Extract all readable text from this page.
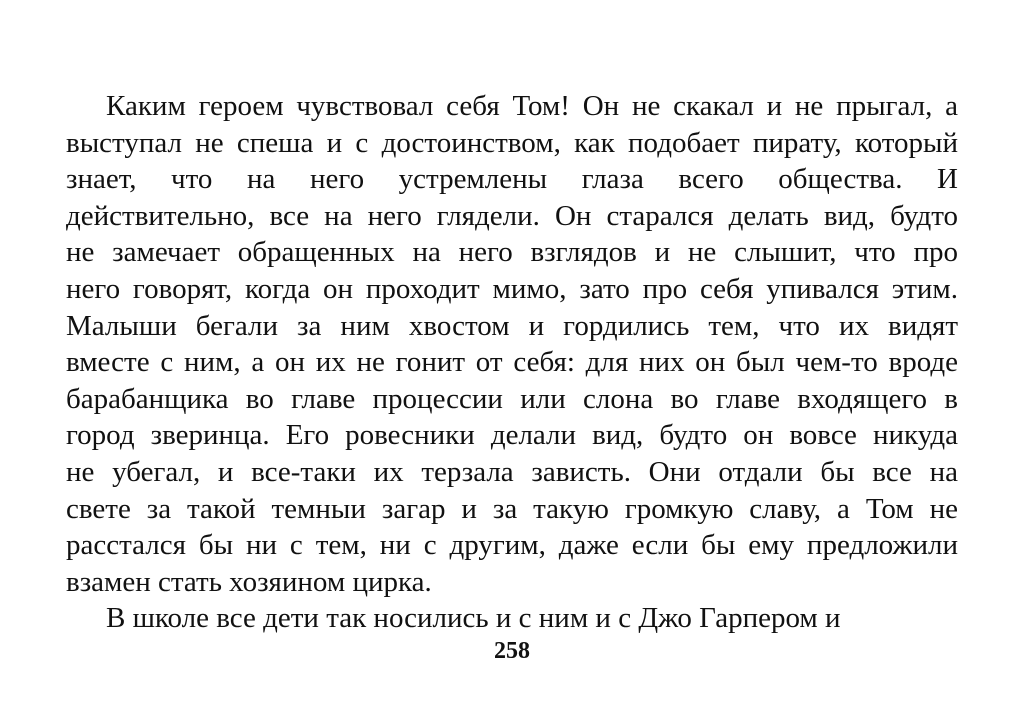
Каким героем чувствовал себя Том! Он не скакал и не прыгал, а
выступал не спеша и с достоинством, как подобает пирату, который
знает, что на него устремлены глаза всего общества. И
действительно, все на него глядели. Он старался делать вид, будто
не замечает обращенных на него взглядов и не слышит, что про
него говорят, когда он проходит мимо, зато про себя упивался этим.
Малыши бегали за ним хвостом и гордились тем, что их видят
вместе с ним, а он их не гонит от себя: для них он был чем-то вроде
барабанщика во главе процессии или слона во главе входящего в
город зверинца. Его ровесники делали вид, будто он вовсе никуда
не убегал, и все-таки их терзала зависть. Они отдали бы все на
свете за такой темныи загар и за такую громкую славу, а Том не
расстался бы ни с тем, ни с другим, даже если бы ему предложили
взамен стать хозяином цирка.
В школе все дети так носились и с ним и с Джо Гарпером и
258
